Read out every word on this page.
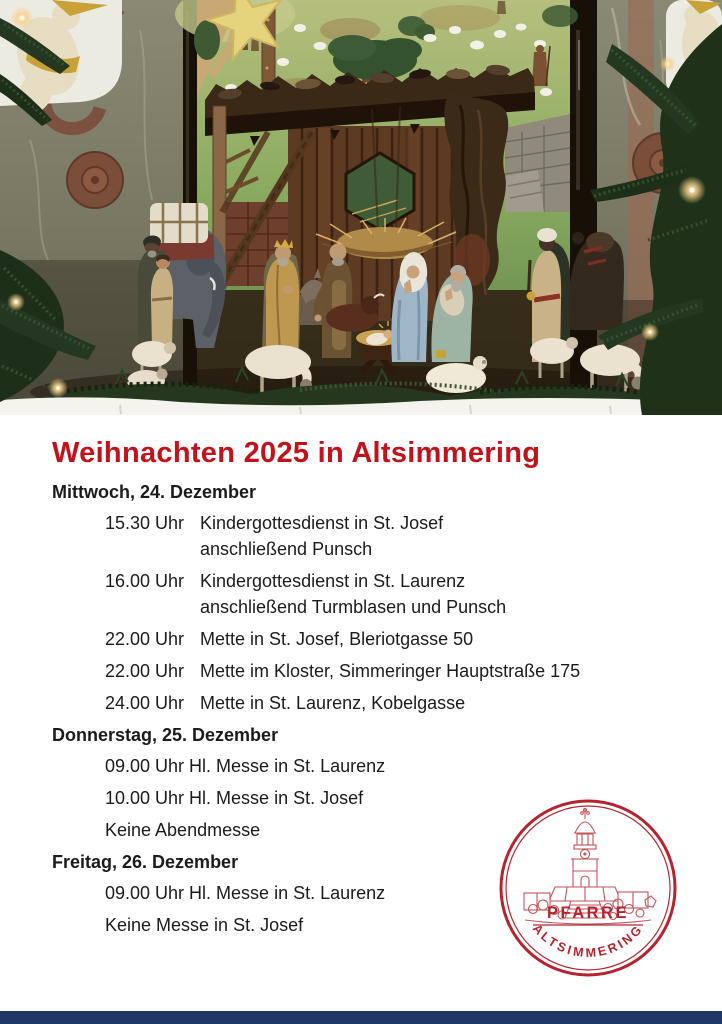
Weihnachten 2025 in Altsimmering
Mittwoch, 24. Dezember
15.30 Uhr Kindergottesdienst in St. Josef
anschließend Punsch
16.00 Uhr Kindergottesdienst in St. Laurenz
anschließend Turmblasen und Punsch
22.00 Uhr Mette in St. Josef, Bleriotgasse 50
22.00 Uhr Mette im Kloster, Simmeringer Hauptstraße 175
24.00 Uhr Mette in St. Laurenz, Kobelgasse
Donnerstag, 25. Dezember
09.00 Uhr Hl. Messe in St. Laurenz
10.00 Uhr Hl. Messe in St. Josef
Keine Abendmesse
Freitag, 26. Dezember
09.00 Uhr Hl. Messe in St. Laurenz
Keine Messe in St. Josef
PFARRE
ALTSIMMERING
